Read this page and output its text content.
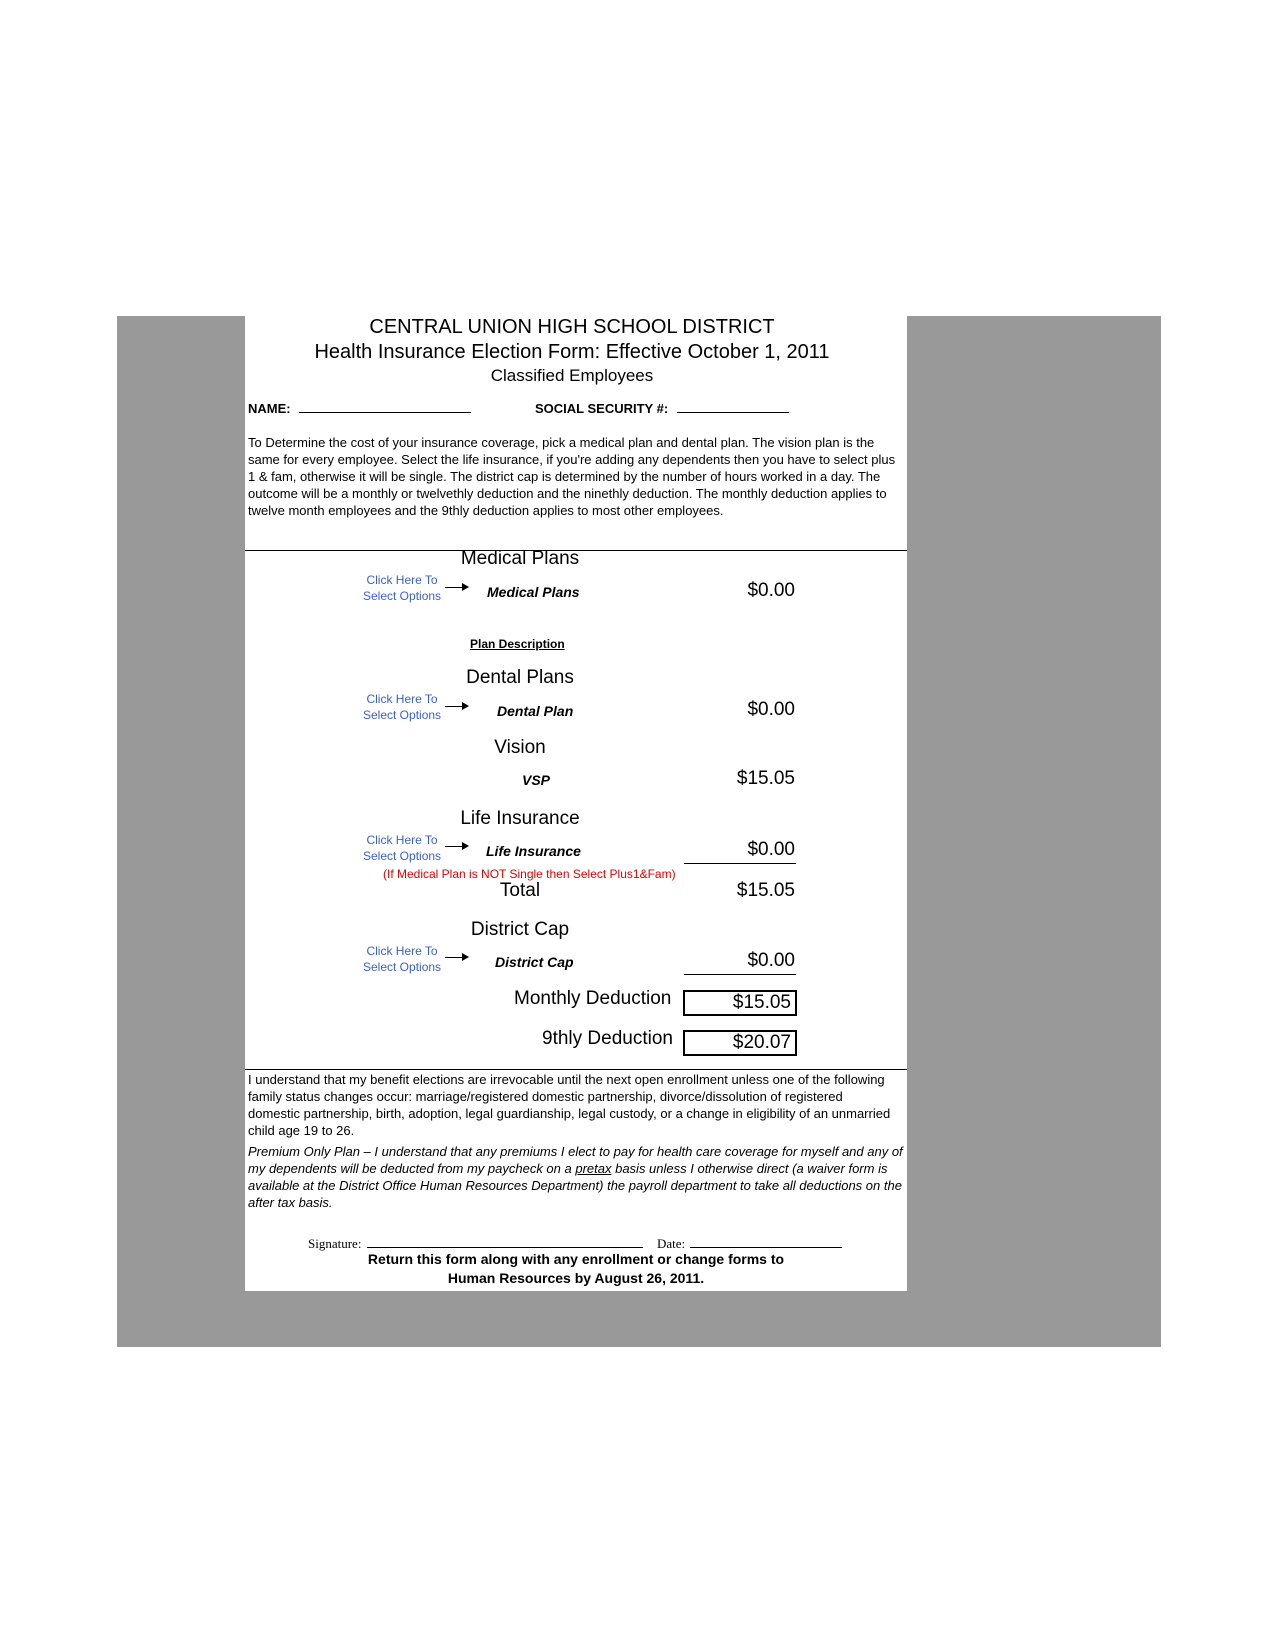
CENTRAL UNION HIGH SCHOOL DISTRICT
Health Insurance Election Form: Effective October 1, 2011
Classified Employees
NAME:	SOCIAL SECURITY #:
To Determine the cost of your insurance coverage, pick a medical plan and dental plan. The vision plan is the same for every employee. Select the life insurance, if you're adding any dependents then you have to select plus 1 & fam, otherwise it will be single. The district cap is determined by the number of hours worked in a day. The outcome will be a monthly or twelvethly deduction and the ninethly deduction. The monthly deduction applies to twelve month employees and the 9thly deduction applies to most other employees.
Medical Plans
Click Here To
Select Options	Medical Plans	$0.00
Plan Description
Dental Plans
Click Here To
Select Options	Dental Plan	$0.00
Vision
VSP	$15.05
Life Insurance
Click Here To
Select Options	Life Insurance	$0.00
(If Medical Plan is NOT Single then Select Plus1&Fam)
Total	$15.05
District Cap
Click Here To
Select Options	District Cap	$0.00
Monthly Deduction	$15.05
9thly Deduction	$20.07
I understand that my benefit elections are irrevocable until the next open enrollment unless one of the following family status changes occur: marriage/registered domestic partnership, divorce/dissolution of registered domestic partnership, birth, adoption, legal guardianship, legal custody, or a change in eligibility of an unmarried child age 19 to 26.
Premium Only Plan – I understand that any premiums I elect to pay for health care coverage for myself and any of my dependents will be deducted from my paycheck on a pretax basis unless I otherwise direct (a waiver form is available at the District Office Human Resources Department) the payroll department to take all deductions on the after tax basis.
Signature:	Date:
Return this form along with any enrollment or change forms to
Human Resources by August 26, 2011.
